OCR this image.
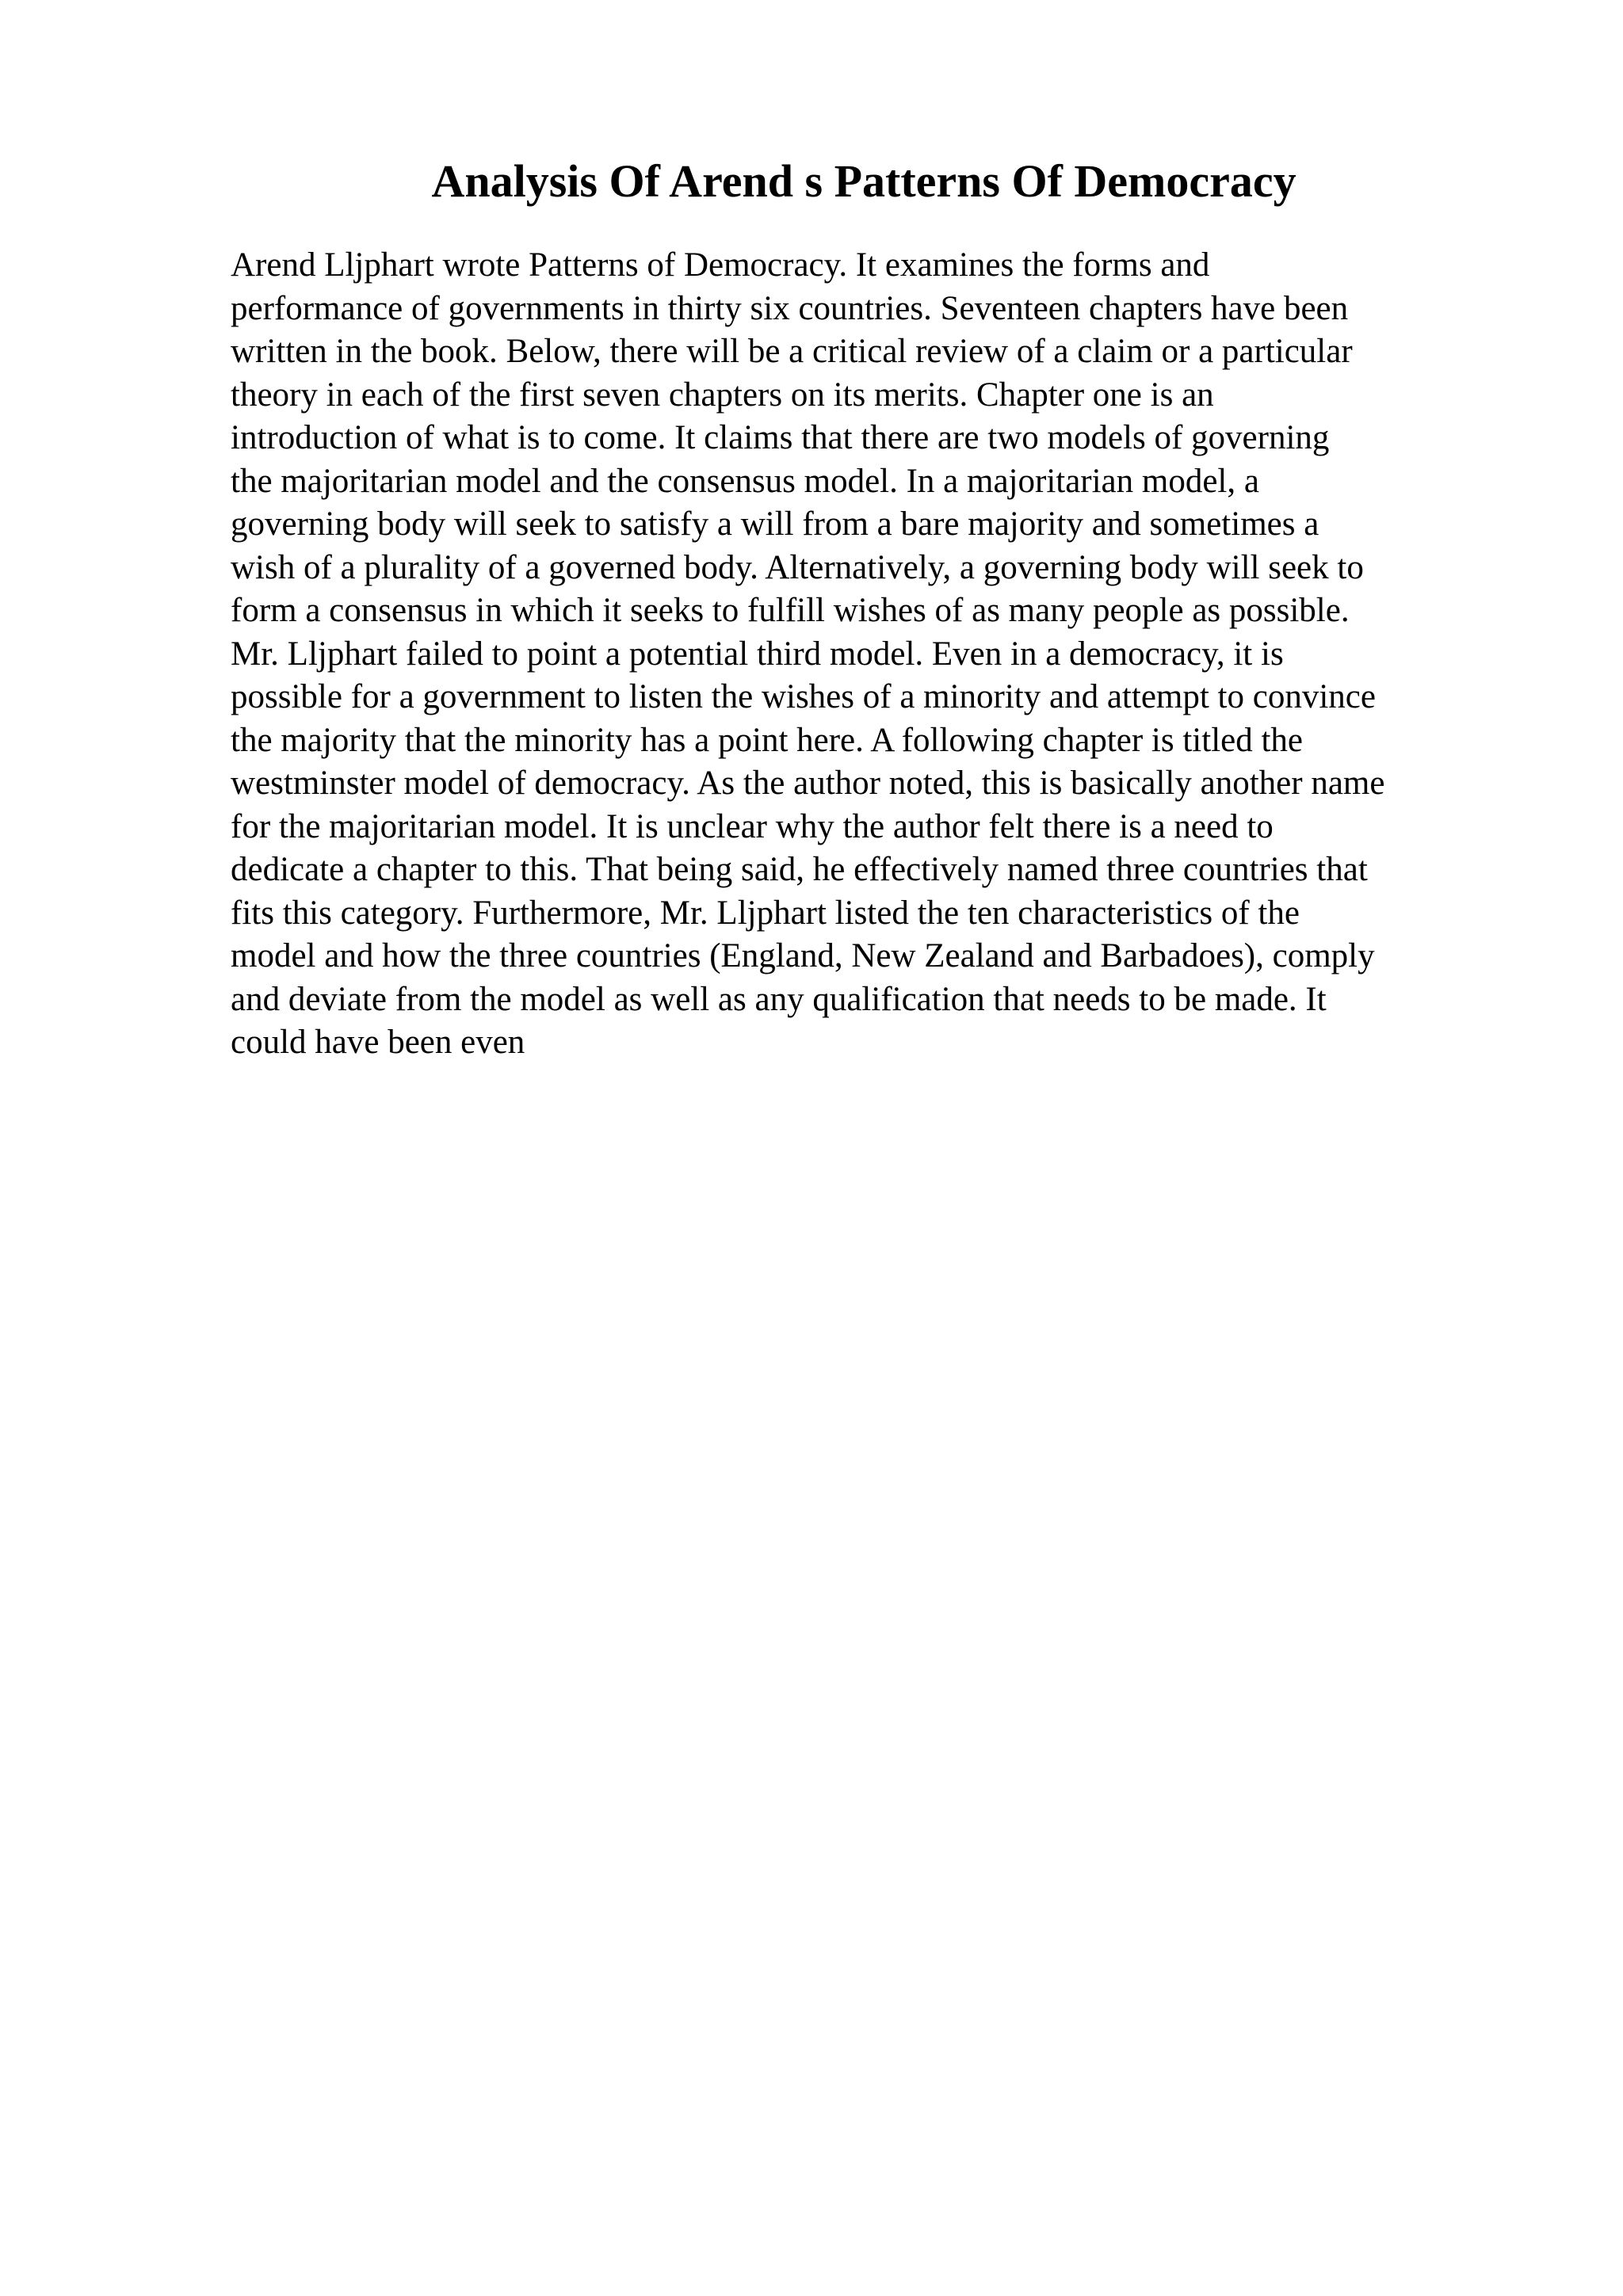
Analysis Of Arend s Patterns Of Democracy
Arend Lljphart wrote Patterns of Democracy. It examines the forms and
performance of governments in thirty six countries. Seventeen chapters have been
written in the book. Below, there will be a critical review of a claim or a particular
theory in each of the first seven chapters on its merits. Chapter one is an
introduction of what is to come. It claims that there are two models of governing
the majoritarian model and the consensus model. In a majoritarian model, a
governing body will seek to satisfy a will from a bare majority and sometimes a
wish of a plurality of a governed body. Alternatively, a governing body will seek to
form a consensus in which it seeks to fulfill wishes of as many people as possible.
Mr. Lljphart failed to point a potential third model. Even in a democracy, it is
possible for a government to listen the wishes of a minority and attempt to convince
the majority that the minority has a point here. A following chapter is titled the
westminster model of democracy. As the author noted, this is basically another name
for the majoritarian model. It is unclear why the author felt there is a need to
dedicate a chapter to this. That being said, he effectively named three countries that
fits this category. Furthermore, Mr. Lljphart listed the ten characteristics of the
model and how the three countries (England, New Zealand and Barbadoes), comply
and deviate from the model as well as any qualification that needs to be made. It
could have been even
